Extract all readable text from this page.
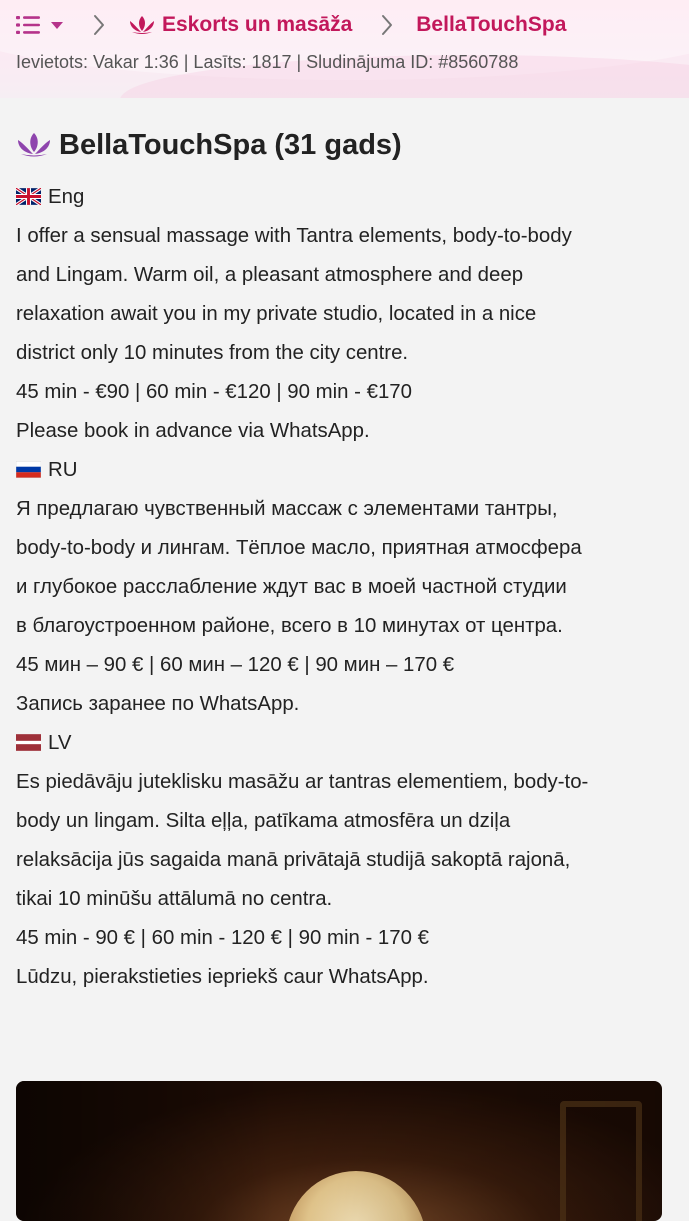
Eskorts un masāža	BellaTouchSpa
Ievietots: Vakar 1:36 | Lasīts: 1817 | Sludinājuma ID: #8560788
BellaTouchSpa (31 gads)
Eng
I offer a sensual massage with Tantra elements, body-to-body
and Lingam. Warm oil, a pleasant atmosphere and deep
relaxation await you in my private studio, located in a nice
district only 10 minutes from the city centre.
45 min - €90 | 60 min - €120 | 90 min - €170
Please book in advance via WhatsApp.
RU
Я предлагаю чувственный массаж с элементами тантры,
body-to-body и лингам. Тёплое масло, приятная атмосфера
и глубокое расслабление ждут вас в моей частной студии
в благоустроенном районе, всего в 10 минутах от центра.
45 мин – 90 € | 60 мин – 120 € | 90 мин – 170 €
Запись заранее по WhatsApp.
LV
Es piedāvāju juteklisku masāžu ar tantras elementiem, body-to-
body un lingam. Silta eļļa, patīkama atmosfēra un dziļa
relaksācija jūs sagaida manā privātajā studijā sakoptā rajonā,
tikai 10 minūšu attālumā no centra.
45 min - 90 € | 60 min - 120 € | 90 min - 170 €
Lūdzu, pierakstieties iepriekš caur WhatsApp.
